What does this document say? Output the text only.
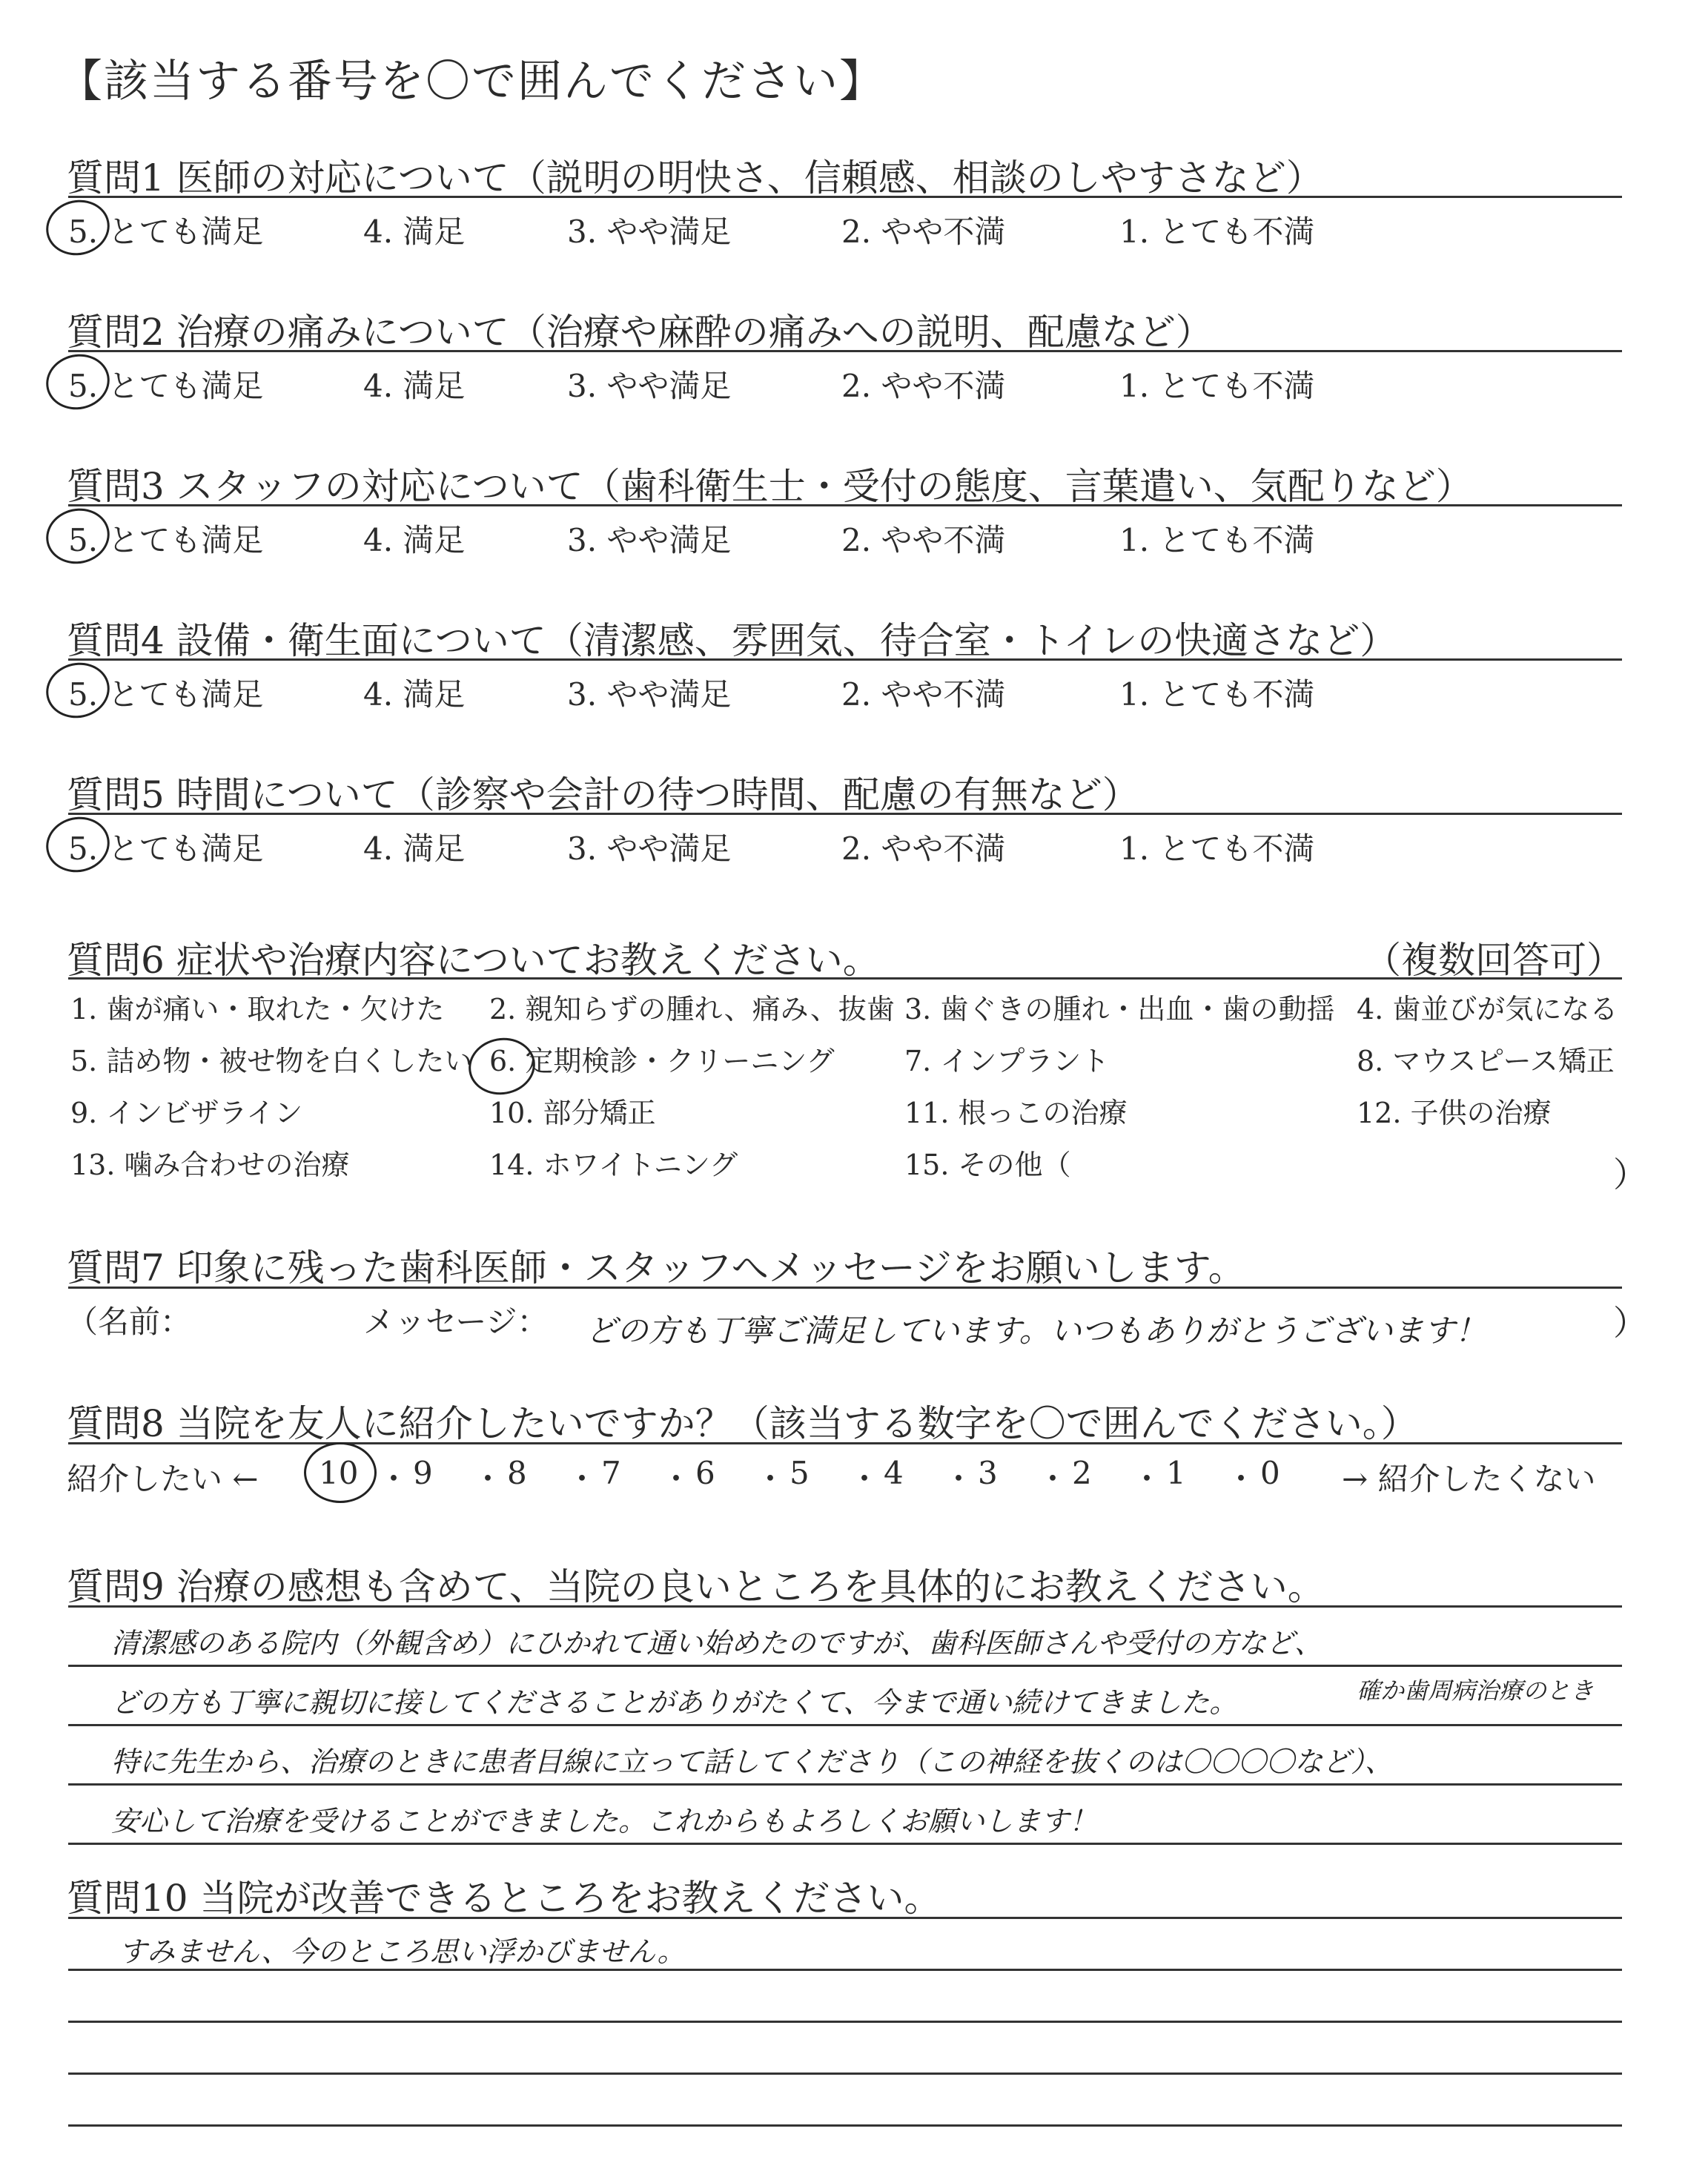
【該当する番号を〇で囲んでください】
質問1 医師の対応について（説明の明快さ、信頼感、相談のしやすさなど）
5. とても満足	4. 満足	3. やや満足	2. やや不満	1. とても不満
質問2 治療の痛みについて（治療や麻酔の痛みへの説明、配慮など）
5. とても満足	4. 満足	3. やや満足	2. やや不満	1. とても不満
質問3 スタッフの対応について（歯科衛生士・受付の態度、言葉遣い、気配りなど）
5. とても満足	4. 満足	3. やや満足	2. やや不満	1. とても不満
質問4 設備・衛生面について（清潔感、雰囲気、待合室・トイレの快適さなど）
5. とても満足	4. 満足	3. やや満足	2. やや不満	1. とても不満
質問5 時間について（診察や会計の待つ時間、配慮の有無など）
5. とても満足	4. 満足	3. やや満足	2. やや不満	1. とても不満
質問6 症状や治療内容についてお教えください。	（複数回答可）
1. 歯が痛い・取れた・欠けた 2. 親知らずの腫れ、痛み、抜歯 3. 歯ぐきの腫れ・出血・歯の動揺 4. 歯並びが気になる
5. 詰め物・被せ物を白くしたい 6. 定期検診・クリーニング 7. インプラント	8. マウスピース矯正
9. インビザライン	10. 部分矯正	11. 根っこの治療	12. 子供の治療
13. 噛み合わせの治療	14. ホワイトニング	15. その他（	）
質問7 印象に残った歯科医師・スタッフへメッセージをお願いします。
（名前：	メッセージ： どの方も丁寧ご満足しています。いつもありがとうございます！	）
質問8 当院を友人に紹介したいですか？（該当する数字を〇で囲んでください。）
紹介したい ← 10 ・ 9 ・ 8 ・ 7 ・ 6 ・ 5 ・ 4 ・ 3 ・ 2 ・ 1 ・ 0 → 紹介したくない
質問9 治療の感想も含めて、当院の良いところを具体的にお教えください。
清潔感のある院内（外観含め）にひかれて通い始めたのですが、歯科医師さんや受付の方など、
どの方も丁寧に親切に接してくださることがありがたくて、今まで通い続けてきました。
特に先生から、治療のときに患者目線に立って話してくださり（この神経を抜くのは〇〇〇〇など）、
安心して治療を受けることができました。これからもよろしくお願いします！
確か歯周病治療のとき
質問10 当院が改善できるところをお教えください。
すみません、今のところ思い浮かびません。
